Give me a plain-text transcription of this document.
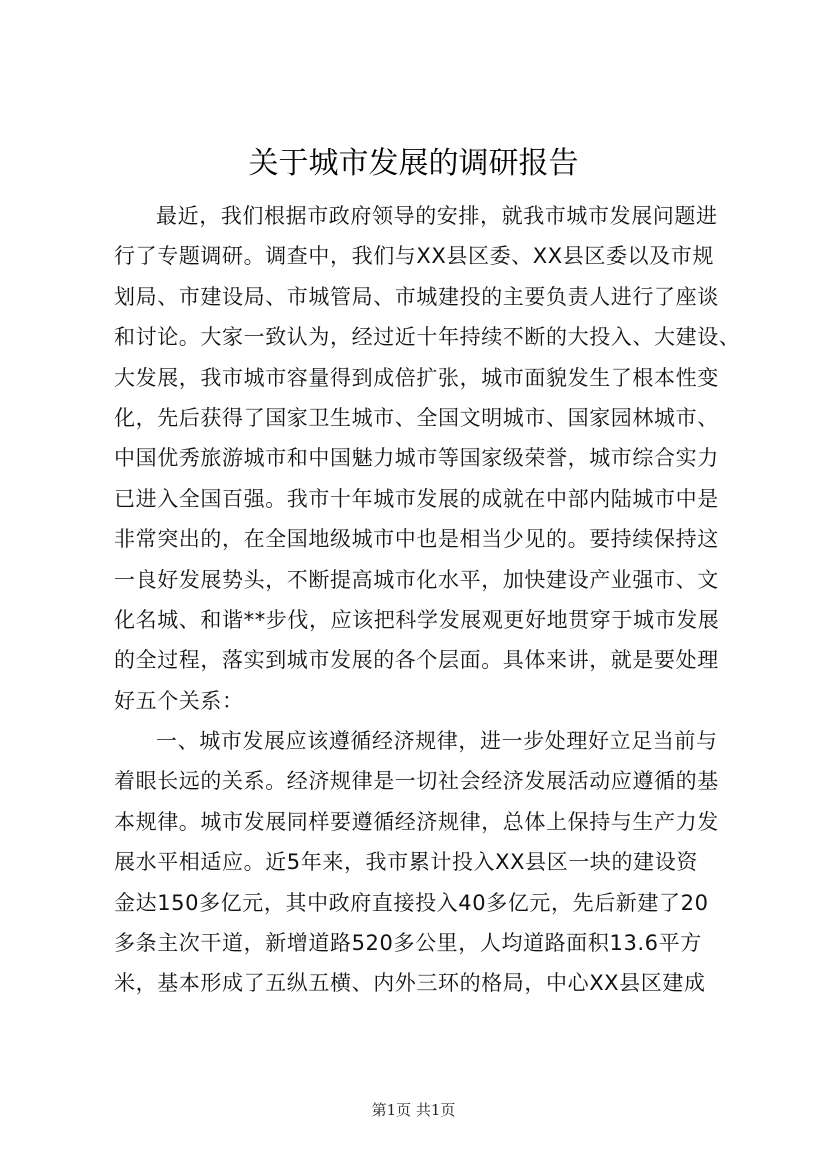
关于城市发展的调研报告
最近，我们根据市政府领导的安排，就我市城市发展问题进
行了专题调研。调查中，我们与XX县区委、XX县区委以及市规
划局、市建设局、市城管局、市城建投的主要负责人进行了座谈
和讨论。大家一致认为，经过近十年持续不断的大投入、大建设、
大发展，我市城市容量得到成倍扩张，城市面貌发生了根本性变
化，先后获得了国家卫生城市、全国文明城市、国家园林城市、
中国优秀旅游城市和中国魅力城市等国家级荣誉，城市综合实力
已进入全国百强。我市十年城市发展的成就在中部内陆城市中是
非常突出的，在全国地级城市中也是相当少见的。要持续保持这
一良好发展势头，不断提高城市化水平，加快建设产业强市、文
化名城、和谐**步伐，应该把科学发展观更好地贯穿于城市发展
的全过程，落实到城市发展的各个层面。具体来讲，就是要处理
好五个关系：
一、城市发展应该遵循经济规律，进一步处理好立足当前与
着眼长远的关系。经济规律是一切社会经济发展活动应遵循的基
本规律。城市发展同样要遵循经济规律，总体上保持与生产力发
展水平相适应。近5年来，我市累计投入XX县区一块的建设资
金达150多亿元，其中政府直接投入40多亿元，先后新建了20
多条主次干道，新增道路520多公里，人均道路面积13.6平方
米，基本形成了五纵五横、内外三环的格局，中心XX县区建成
第1页 共1页
